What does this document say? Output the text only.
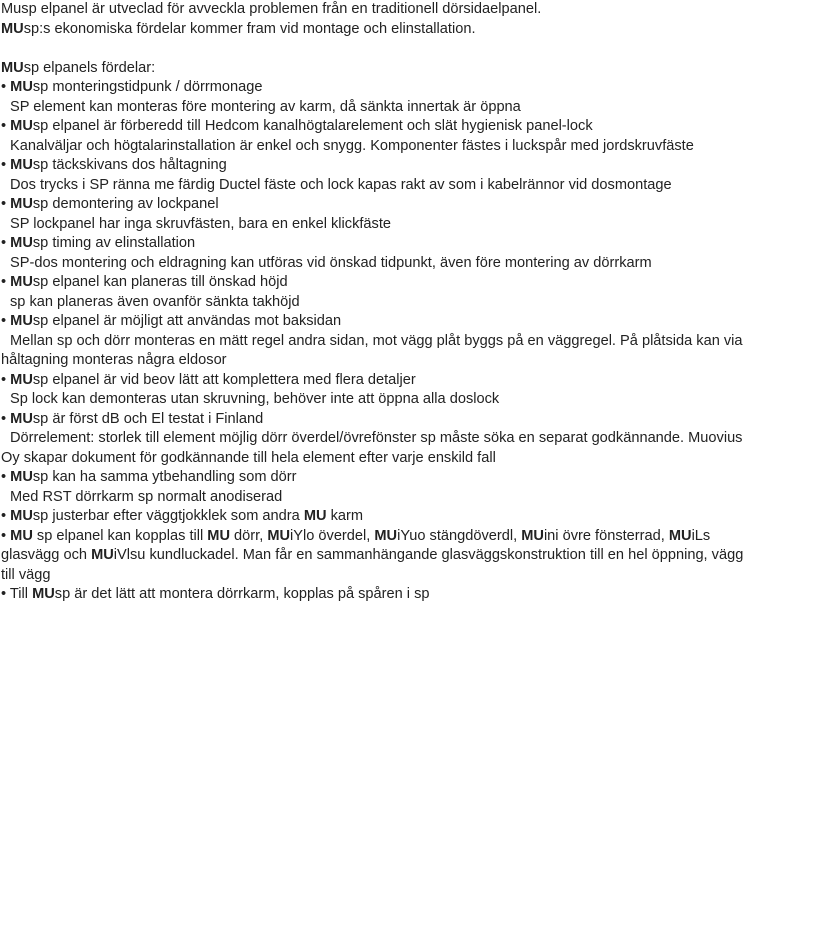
Musp elpanel är utveclad för avveckla problemen från en traditionell dörsidaelpanel.

MUsp:s ekonomiska fördelar kommer fram vid montage och elinstallation.

MUsp elpanels fördelar:

• MUsp monteringstidpunk / dörrmonage

SP element kan monteras före montering av karm, då sänkta innertak är öppna

• MUsp elpanel är förberedd till Hedcom kanalhögtalarelement och slät hygienisk panel-lock

Kanalväljar och högtalarinstallation är enkel och snygg. Komponenter fästes i luckspår med jordskruvfäste

• MUsp täckskivans dos håltagning

Dos trycks i SP ränna me färdig Ductel fäste och lock kapas rakt av som i kabelrännor vid dosmontage

• MUsp demontering av lockpanel

SP lockpanel har inga skruvfästen, bara en enkel klickfäste

• MUsp timing av elinstallation

SP-dos montering och eldragning kan utföras vid önskad tidpunkt, även före montering av dörrkarm

• MUsp elpanel kan planeras till önskad höjd

sp kan planeras även ovanför sänkta takhöjd

• MUsp elpanel är möjligt att användas mot baksidan

Mellan sp och dörr monteras en mätt regel andra sidan, mot vägg plåt byggs på en väggregel. På plåtsida kan via

håltagning monteras några eldosor

• MUsp elpanel är vid beov lätt att komplettera med flera detaljer

Sp lock kan demonteras utan skruvning, behöver inte att öppna alla doslock

• MUsp är först dB och El testat i Finland

Dörrelement: storlek till element möjlig dörr överdel/övrefönster sp måste söka en separat godkännande. Muovius

Oy skapar dokument för godkännande till hela element efter varje enskild fall

• MUsp kan ha samma ytbehandling som dörr

Med RST dörrkarm sp normalt anodiserad

• MUsp justerbar efter väggtjokklek som andra MU karm

• MU sp elpanel kan kopplas till MU dörr, MUiYlo överdel, MUiYuo stängdöverdl, MUini övre fönsterrad, MUiLs

glasvägg och MUiVlsu kundluckadel. Man får en sammanhängande glasväggskonstruktion till en hel öppning, vägg

till vägg

• Till MUsp är det lätt att montera dörrkarm, kopplas på spåren i sp
